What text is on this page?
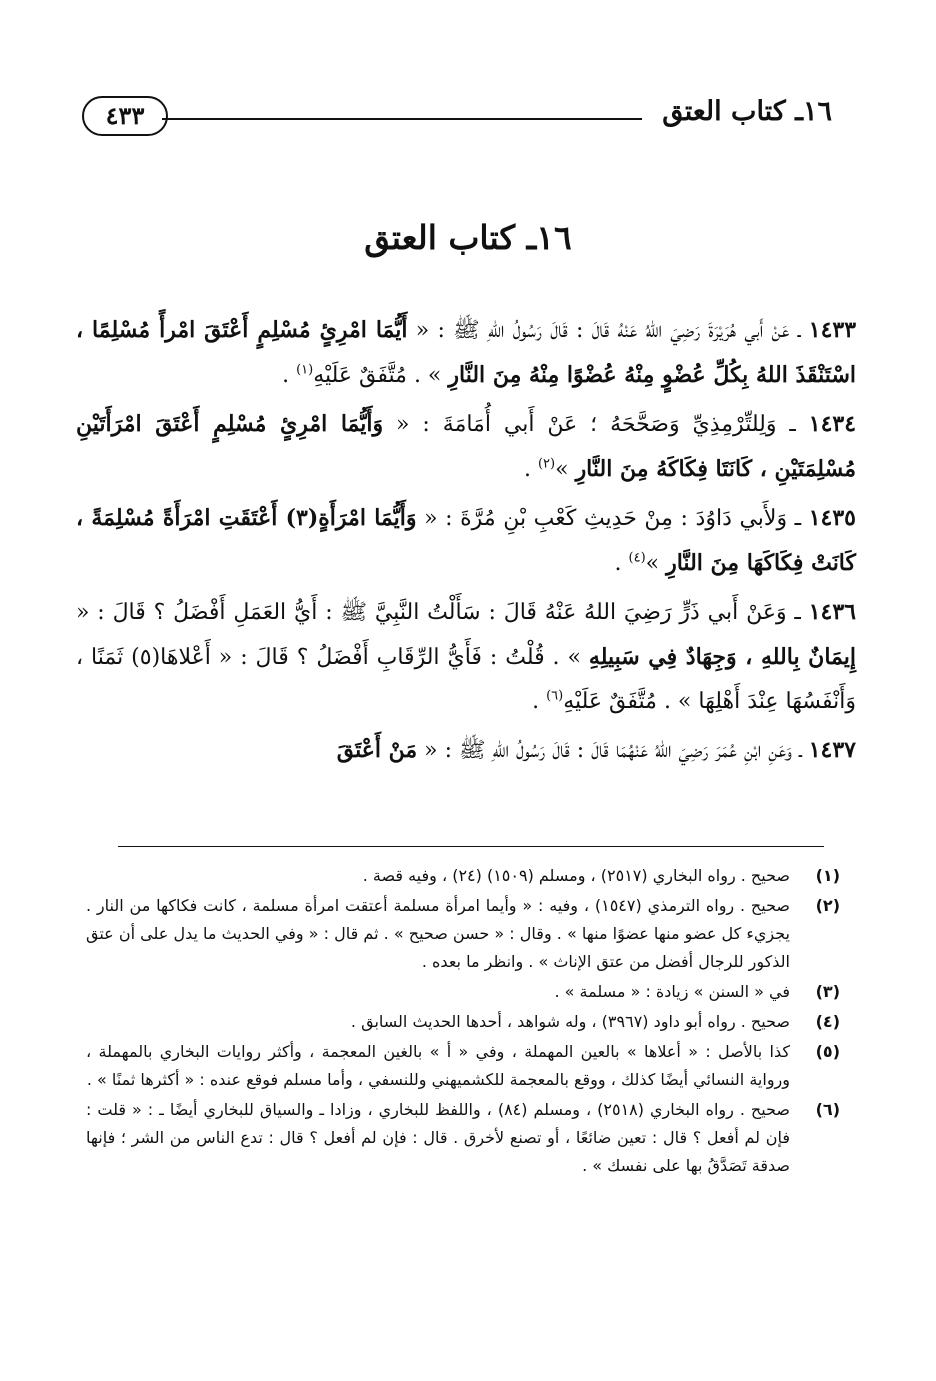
١٦ـ كتاب العتق
٤٣٣
١٦ـ كتاب العتق

١٤٣٣ ـ عَنْ أَبي هُرَيْرَةَ رَضِيَ اللهُ عَنْهُ قَالَ : قَالَ رَسُولُ اللهِ ﷺ : « أَيُّمَا امْرِئٍ مُسْلِمٍ أَعْتَقَ امْرأً مُسْلِمًا ، اسْتَنْقَذَ اللهُ بِكُلِّ عُضْوٍ مِنْهُ عُضْوًا مِنْهُ مِنَ النَّارِ » . مُتَّفَقٌ عَلَيْهِ$^{(١)}$ .

١٤٣٤ ـ وَلِلتِّرْمِذِيِّ وَصَحَّحَهُ ؛ عَنْ أَبي أُمَامَةَ : « وَأَيُّمَا امْرِئٍ مُسْلِمٍ أَعْتَقَ امْرَأَتَيْنِ مُسْلِمَتَيْنِ ، كَانَتَا فِكَاكَهُ مِنَ النَّارِ »$^{(٢)}$ .

١٤٣٥ ـ وَلأَبي دَاوُدَ : مِنْ حَدِيثِ كَعْبِ بْنِ مُرَّةَ : « وَأَيُّمَا امْرَأَةٍ(٣) أَعْتَقَتِ امْرَأَةً مُسْلِمَةً ، كَانَتْ فِكَاكَهَا مِنَ النَّارِ »$^{(٤)}$ .

١٤٣٦ ـ وَعَنْ أَبي ذَرٍّ رَضِيَ اللهُ عَنْهُ قَالَ : سَأَلْتُ النَّبِيَّ ﷺ : أَيُّ العَمَلِ أَفْضَلُ ؟ قَالَ : « إِيمَانٌ بِاللهِ ، وَجِهَادٌ فِي سَبِيلِهِ » . قُلْتُ : فَأَيُّ الرِّقَابِ أَفْضَلُ ؟ قَالَ : « أَعْلاهَا(٥) ثَمَنًا ، وَأَنْفَسُهَا عِنْدَ أَهْلِهَا » . مُتَّفَقٌ عَلَيْهِ$^{(٦)}$ .

١٤٣٧ ـ وَعَنِ ابْنِ عُمَرَ رَضِيَ اللهُ عَنْهُمَا قَالَ : قَالَ رَسُولُ اللهِ ﷺ : « مَنْ أَعْتَقَ

(١)
صحيح . رواه البخاري (٢٥١٧) ، ومسلم (١٥٠٩) (٢٤) ، وفيه قصة .
(٢)
صحيح . رواه الترمذي (١٥٤٧) ، وفيه : « وأيما امرأة مسلمة أعتقت امرأة مسلمة ، كانت فكاكها من النار . يجزيء كل عضو منها عضوًا منها » . وقال : « حسن صحيح » . ثم قال : « وفي الحديث ما يدل على أن عتق الذكور للرجال أفضل من عتق الإناث » . وانظر ما بعده .
(٣)
في « السنن » زيادة : « مسلمة » .
(٤)
صحيح . رواه أبو داود (٣٩٦٧) ، وله شواهد ، أحدها الحديث السابق .
(٥)
كذا بالأصل : « أعلاها » بالعين المهملة ، وفي « أ » بالغين المعجمة ، وأكثر روايات البخاري بالمهملة ، ورواية النسائي أيضًا كذلك ، ووقع بالمعجمة للكشميهني وللنسفي ، وأما مسلم فوقع عنده : « أكثرها ثمنًا » .
(٦)
صحيح . رواه البخاري (٢٥١٨) ، ومسلم (٨٤) ، واللفظ للبخاري ، وزادا ـ والسياق للبخاري أيضًا ـ : « قلت : فإن لم أفعل ؟ قال : تعين ضائعًا ، أو تصنع لأخرق . قال : فإن لم أفعل ؟ قال : تدع الناس من الشر ؛ فإنها صدقة تَصَدَّقُ بها على نفسك » .
